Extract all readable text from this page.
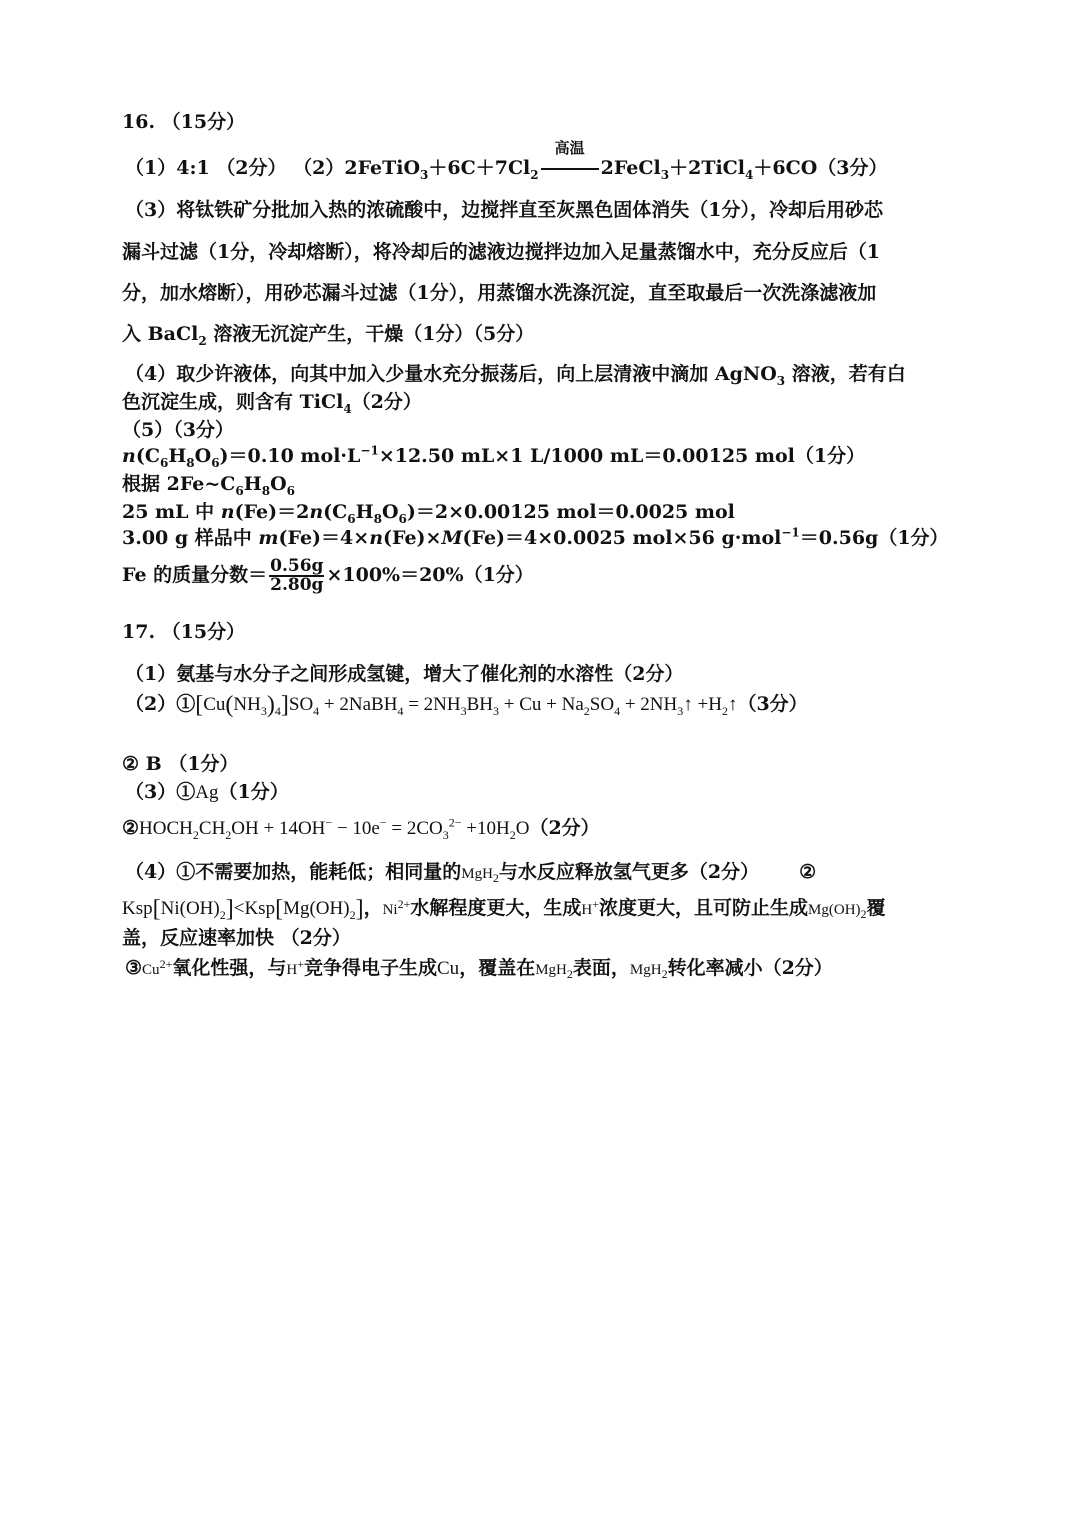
16. （15分）
（1）4:1 （2分） $(2)2FeTiO_3+6C+7Cl_2$
高温
2FeCl$_3$＋2TiCl$_4$＋6CO（3分）
（3）将钛铁矿分批加入热的浓硫酸中，边搅拌直至灰黑色固体消失（1分），冷却后用砂芯
漏斗过滤（1分，冷却熔断），将冷却后的滤液边搅拌边加入足量蒸馏水中，充分反应后（1
分，加水熔断），用砂芯漏斗过滤（1分），用蒸馏水洗涤沉淀，直至取最后一次洗涤滤液加
入 BaCl$_2$ 溶液无沉淀产生，干燥（1分）（5分）
（4）取少许液体，向其中加入少量水充分振荡后，向上层清液中滴加 AgNO$_3$ 溶液，若有白
色沉淀生成，则含有 TiCl$_4$（2分）
（5）（3分）
$n(C_6H_8O_6)=0.10$ $mol\cdot L^{-1}\times 12.50$ mL×1 L/1000 mL＝0.00125 mol（1分）
根据 $2Fe\sim C_6H_8O_6$
25 mL 中 $n(Fe)=2n(C_6H_8O_6)=2\times 0.00125$ mol＝0.0025 mol
3.00 g 样品中 m(Fe)＝4×n(Fe)×M(Fe)＝4×0.0025 mol×56 g·mol$^{-1}$＝0.56g（1分）
Fe 的质量分数＝ $\frac{0.56g}{2.80g} \times 100\%=20\%(1$分）
17. （15分）
（1）氨基与水分子之间形成氢键，增大了催化剂的水溶性（2分）
$(2)①[Cu(NH_3)_4]SO_4$ + 2NaBH$_4$ = $2NH_3BH_3 + Cu + Na_2SO_4$ + $2NH_3↑$ $+H_2↑(3$分）
② B （1分）
（3）①Ag（1分）
$②HOCH_2CH_2OH + 14OH^- - 10e^- = 2CO_3^{2-} +10H_2O(2$分）
（4）①不需要加热，能耗低；相同量的MgH$_2$与水反应释放氢气更多（2分） ②
$Ksp[Ni(OH)_2]<Ksp[Mg(OH)_2]$，$Ni^{2+}$水解程度更大，生成H+浓度更大，且可防止生成$Mg(OH)_2$覆
盖，反应速率加快 （2分）
$③Cu^{2+}$氧化性强，与H+竞争得电子生成Cu，覆盖在MgH$_2$表面，MgH$_2$转化率减小（2分）
